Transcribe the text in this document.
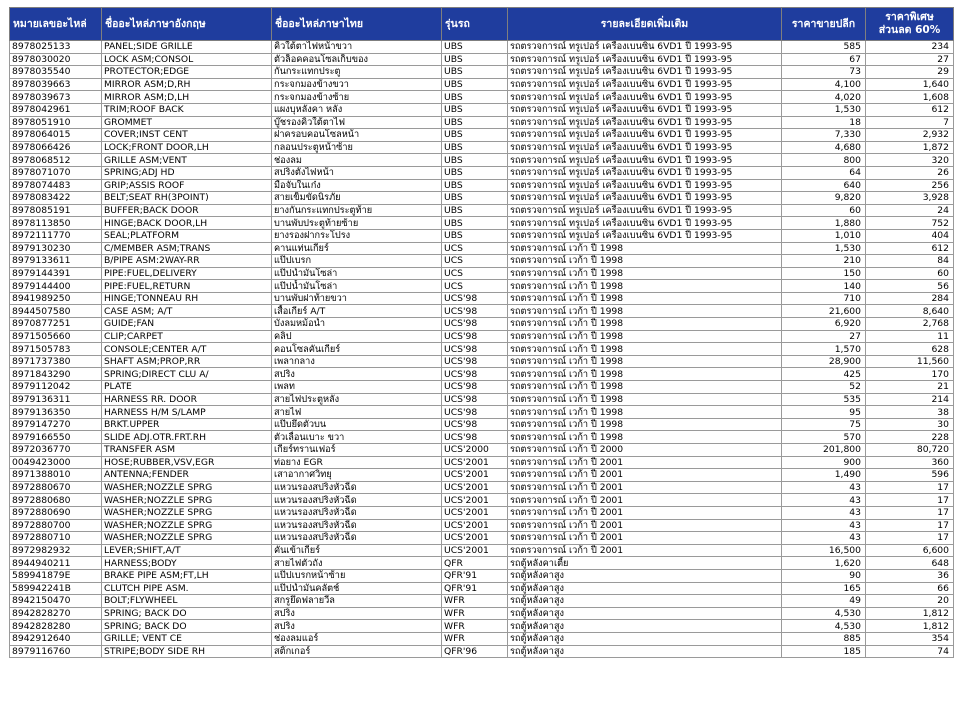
หมายเลขอะไหล่	ชื่ออะไหล่ภาษาอังกฤษ	ชื่ออะไหล่ภาษาไทย	รุ่นรถ	รายละเอียดเพิ่มเติม	ราคาขายปลีก	ราคาพิเศษ ส่วนลด 60%
8978025133	PANEL;SIDE GRILLE	คิ้วใต้ตาไฟหน้าขวา	UBS	รถตรวจการณ์ ทรูเปอร์ เครื่องเบนซิน 6VD1 ปี 1993-95	585	234
8978030020	LOCK ASM;CONSOL	ตัวล็อคคอนโซลเก็บของ	UBS	รถตรวจการณ์ ทรูเปอร์ เครื่องเบนซิน 6VD1 ปี 1993-95	67	27
8978035540	PROTECTOR;EDGE	กันกระแทกประตู	UBS	รถตรวจการณ์ ทรูเปอร์ เครื่องเบนซิน 6VD1 ปี 1993-95	73	29
8978039663	MIRROR ASM;D,RH	กระจกมองข้างขวา	UBS	รถตรวจการณ์ ทรูเปอร์ เครื่องเบนซิน 6VD1 ปี 1993-95	4,100	1,640
8978039673	MIRROR ASM;D,LH	กระจกมองข้างซ้าย	UBS	รถตรวจการณ์ ทรูเปอร์ เครื่องเบนซิน 6VD1 ปี 1993-95	4,020	1,608
8978042961	TRIM;ROOF BACK	แผงบุหลังคา หลัง	UBS	รถตรวจการณ์ ทรูเปอร์ เครื่องเบนซิน 6VD1 ปี 1993-95	1,530	612
8978051910	GROMMET	บู๊ชรองคิ้วใต้ตาไฟ	UBS	รถตรวจการณ์ ทรูเปอร์ เครื่องเบนซิน 6VD1 ปี 1993-95	18	7
8978064015	COVER;INST CENT	ฝาครอบคอนโซลหน้า	UBS	รถตรวจการณ์ ทรูเปอร์ เครื่องเบนซิน 6VD1 ปี 1993-95	7,330	2,932
8978066426	LOCK;FRONT DOOR,LH	กลอนประตูหน้าซ้าย	UBS	รถตรวจการณ์ ทรูเปอร์ เครื่องเบนซิน 6VD1 ปี 1993-95	4,680	1,872
8978068512	GRILLE ASM;VENT	ช่องลม	UBS	รถตรวจการณ์ ทรูเปอร์ เครื่องเบนซิน 6VD1 ปี 1993-95	800	320
8978071070	SPRING;ADJ HD	สปริงตั้งไฟหน้า	UBS	รถตรวจการณ์ ทรูเปอร์ เครื่องเบนซิน 6VD1 ปี 1993-95	64	26
8978074483	GRIP;ASSIS ROOF	มือจับในเก๋ง	UBS	รถตรวจการณ์ ทรูเปอร์ เครื่องเบนซิน 6VD1 ปี 1993-95	640	256
8978083422	BELT;SEAT RH(3POINT)	สายเข็มขัดนิรภัย	UBS	รถตรวจการณ์ ทรูเปอร์ เครื่องเบนซิน 6VD1 ปี 1993-95	9,820	3,928
8978085191	BUFFER;BACK DOOR	ยางกันกระแทกประตูท้าย	UBS	รถตรวจการณ์ ทรูเปอร์ เครื่องเบนซิน 6VD1 ปี 1993-95	60	24
8978113850	HINGE;BACK DOOR,LH	บานพับประตูท้ายซ้าย	UBS	รถตรวจการณ์ ทรูเปอร์ เครื่องเบนซิน 6VD1 ปี 1993-95	1,880	752
8972111770	SEAL;PLATFORM	ยางรองฝากระโปรง	UBS	รถตรวจการณ์ ทรูเปอร์ เครื่องเบนซิน 6VD1 ปี 1993-95	1,010	404
8979130230	C/MEMBER ASM;TRANS	คานแท่นเกียร์	UCS	รถตรวจการณ์ เวก้า ปี 1998	1,530	612
8979133611	B/PIPE ASM:2WAY-RR	แป๊ปเบรก	UCS	รถตรวจการณ์ เวก้า ปี 1998	210	84
8979144391	PIPE:FUEL,DELIVERY	แป๊ปน้ำมันโซล่า	UCS	รถตรวจการณ์ เวก้า ปี 1998	150	60
8979144400	PIPE:FUEL,RETURN	แป๊ปน้ำมันโซล่า	UCS	รถตรวจการณ์ เวก้า ปี 1998	140	56
8941989250	HINGE;TONNEAU RH	บานพับฝาท้ายขวา	UCS'98	รถตรวจการณ์ เวก้า ปี 1998	710	284
8944507580	CASE ASM; A/T	เสื้อเกียร์ A/T	UCS'98	รถตรวจการณ์ เวก้า ปี 1998	21,600	8,640
8970877251	GUIDE;FAN	บังลมหม้อน้ำ	UCS'98	รถตรวจการณ์ เวก้า ปี 1998	6,920	2,768
8971505660	CLIP;CARPET	คลิป	UCS'98	รถตรวจการณ์ เวก้า ปี 1998	27	11
8971505783	CONSOLE;CENTER A/T	คอนโซลคันเกียร์	UCS'98	รถตรวจการณ์ เวก้า ปี 1998	1,570	628
8971737380	SHAFT ASM;PROP,RR	เพลากลาง	UCS'98	รถตรวจการณ์ เวก้า ปี 1998	28,900	11,560
8971843290	SPRING;DIRECT CLU A/	สปริง	UCS'98	รถตรวจการณ์ เวก้า ปี 1998	425	170
8979112042	PLATE	เพลท	UCS'98	รถตรวจการณ์ เวก้า ปี 1998	52	21
8979136311	HARNESS RR. DOOR	สายไฟประตูหลัง	UCS'98	รถตรวจการณ์ เวก้า ปี 1998	535	214
8979136350	HARNESS H/M S/LAMP	สายไฟ	UCS'98	รถตรวจการณ์ เวก้า ปี 1998	95	38
8979147270	BRKT.UPPER	แป๊บยึดตัวบน	UCS'98	รถตรวจการณ์ เวก้า ปี 1998	75	30
8979166550	SLIDE ADJ.OTR.FRT.RH	ตัวเลื่อนเบาะ ขวา	UCS'98	รถตรวจการณ์ เวก้า ปี 1998	570	228
8972036770	TRANSFER ASM	เกียร์ทรานเฟอร์	UCS'2000	รถตรวจการณ์ เวก้า ปี 2000	201,800	80,720
0049423000	HOSE;RUBBER,VSV,EGR	ท่อยาง EGR	UCS'2001	รถตรวจการณ์ เวก้า ปี 2001	900	360
8971388010	ANTENNA;FENDER	เสาอากาศวิทยุ	UCS'2001	รถตรวจการณ์ เวก้า ปี 2001	1,490	596
8972880670	WASHER;NOZZLE SPRG	แหวนรองสปริงหัวฉีด	UCS'2001	รถตรวจการณ์ เวก้า ปี 2001	43	17
8972880680	WASHER;NOZZLE SPRG	แหวนรองสปริงหัวฉีด	UCS'2001	รถตรวจการณ์ เวก้า ปี 2001	43	17
8972880690	WASHER;NOZZLE SPRG	แหวนรองสปริงหัวฉีด	UCS'2001	รถตรวจการณ์ เวก้า ปี 2001	43	17
8972880700	WASHER;NOZZLE SPRG	แหวนรองสปริงหัวฉีด	UCS'2001	รถตรวจการณ์ เวก้า ปี 2001	43	17
8972880710	WASHER;NOZZLE SPRG	แหวนรองสปริงหัวฉีด	UCS'2001	รถตรวจการณ์ เวก้า ปี 2001	43	17
8972982932	LEVER;SHIFT,A/T	คันเข้าเกียร์	UCS'2001	รถตรวจการณ์ เวก้า ปี 2001	16,500	6,600
8944940211	HARNESS;BODY	สายไฟตัวถัง	QFR	รถตู้หลังคาเตี้ย	1,620	648
589941879E	BRAKE PIPE ASM;FT,LH	แป๊ปเบรกหน้าซ้าย	QFR'91	รถตู้หลังคาสูง	90	36
589942241B	CLUTCH PIPE ASM.	แป๊ปน้ำมันคลัตช์	QFR'91	รถตู้หลังคาสูง	165	66
8942150470	BOLT;FLYWHEEL	สกรูยึดฟลายวีล	WFR	รถตู้หลังคาสูง	49	20
8942828270	SPRING; BACK DO	สปริง	WFR	รถตู้หลังคาสูง	4,530	1,812
8942828280	SPRING; BACK DO	สปริง	WFR	รถตู้หลังคาสูง	4,530	1,812
8942912640	GRILLE; VENT CE	ช่องลมแอร์	WFR	รถตู้หลังคาสูง	885	354
8979116760	STRIPE;BODY SIDE RH	สติ๊กเกอร์	QFR'96	รถตู้หลังคาสูง	185	74
